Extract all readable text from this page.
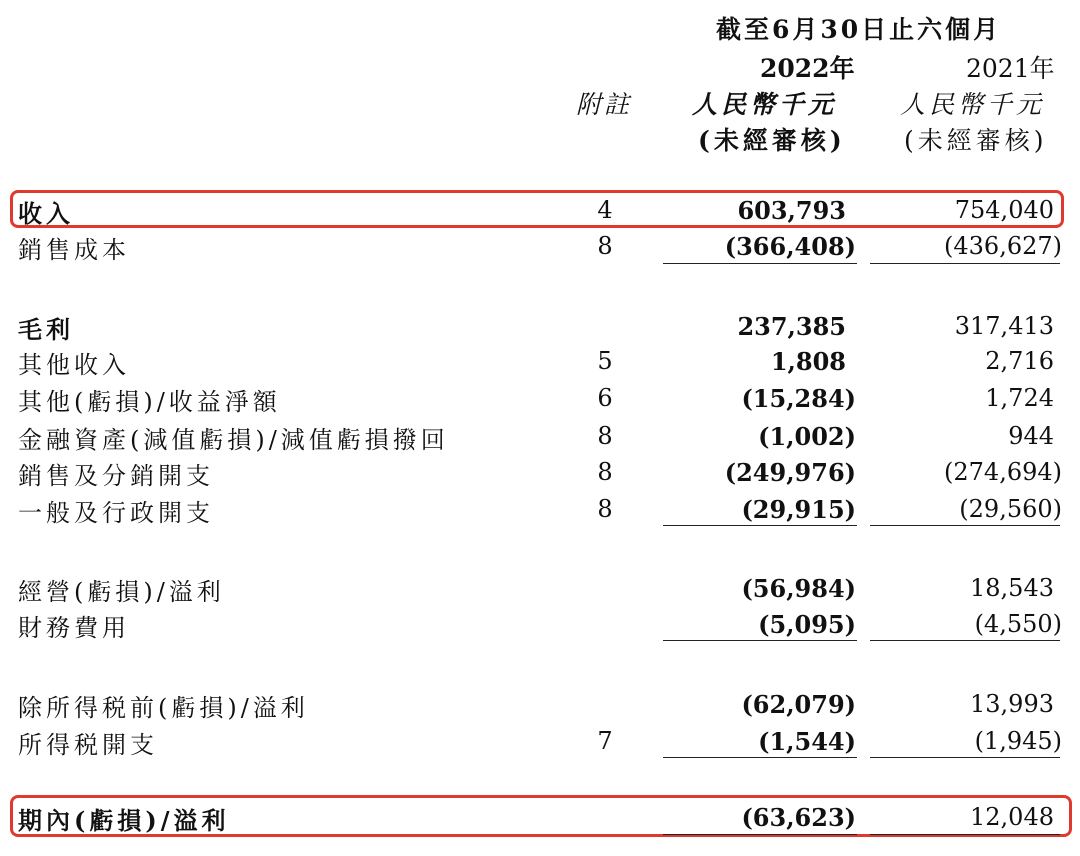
截至6月30日止六個月
2022年	2021年
附註 人民幣千元	人民幣千元
(未經審核) (未經審核)
收入	4	603,793	754,040
銷售成本	8	(366,408)	(436,627)
毛利	237,385	317,413
其他收入	5	1,808	2,716
其他(虧損)/收益淨額	6	(15,284)	1,724
金融資產(減值虧損)/減值虧損撥回	8	(1,002)	944
銷售及分銷開支	8	(249,976)	(274,694)
一般及行政開支	8	(29,915)	(29,560)
經營(虧損)/溢利	(56,984)	18,543
財務費用	(5,095)	(4,550)
除所得税前(虧損)/溢利	(62,079)	13,993
所得税開支	7	(1,544)	(1,945)
期內(虧損)/溢利	(63,623)	12,048
